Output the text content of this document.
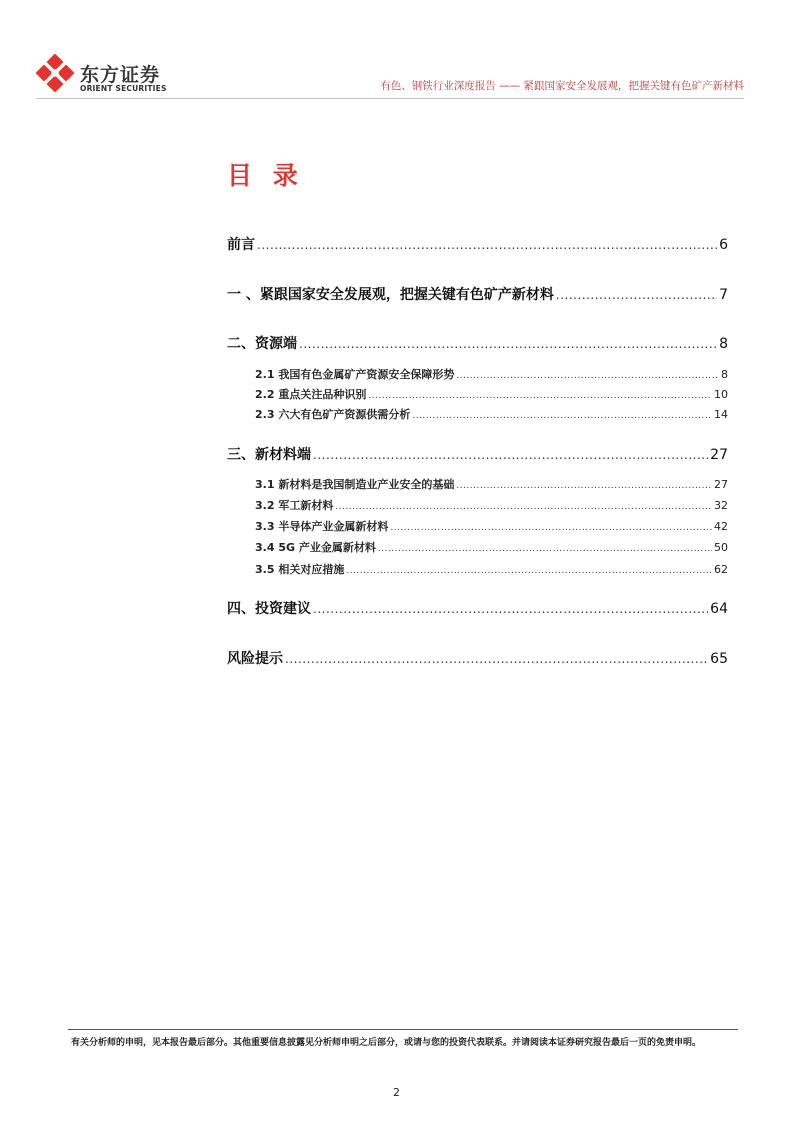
东方证券
ORIENT SECURITIES	有色、钢铁行业深度报告 —— 紧跟国家安全发展观，把握关键有色矿产新材料
目 录
前言 .....	6
一 、紧跟国家安全发展观，把握关键有色矿产新材料 .....	7
二、资源端 .....	8
2.1 我国有色金属矿产资源安全保障形势 .....	8
2.2 重点关注品种识别 .....	10
2.3 六大有色矿产资源供需分析 .....	14
三、新材料端 .....	27
3.1 新材料是我国制造业产业安全的基础 .....	27
3.2 军工新材料 .....	32
3.3 半导体产业金属新材料 .....	42
3.4 5G 产业金属新材料 .....	50
3.5 相关对应措施 .....	62
四、投资建议 .....	64
风险提示 .....	65
有关分析师的申明，见本报告最后部分。其他重要信息披露见分析师申明之后部分，或请与您的投资代表联系。并请阅读本证券研究报告最后一页的免责申明。
2
